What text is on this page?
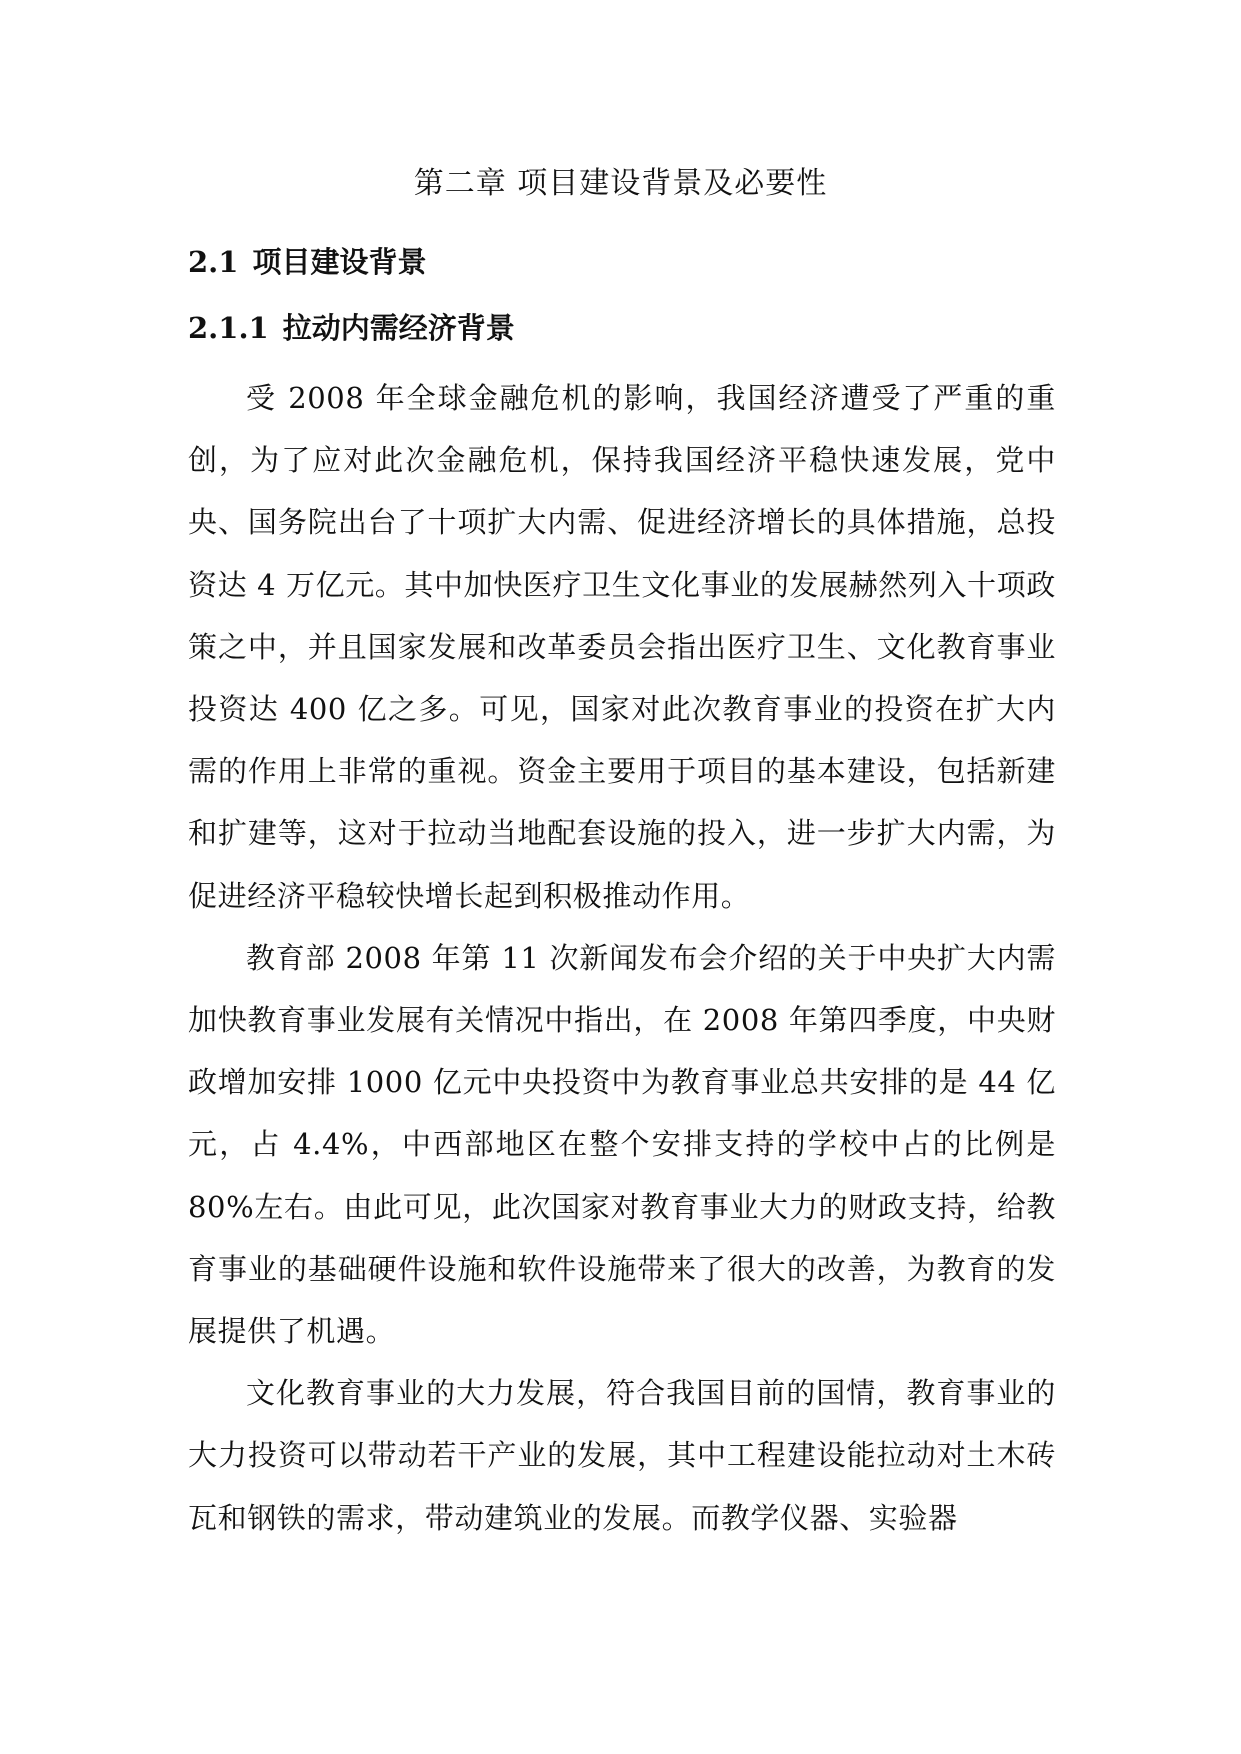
第二章 项目建设背景及必要性
2.1 项目建设背景
2.1.1 拉动内需经济背景

受 2008 年全球金融危机的影响，我国经济遭受了严重的重创，为了应对此次金融危机，保持我国经济平稳快速发展，党中央、国务院出台了十项扩大内需、促进经济增长的具体措施，总投资达 4 万亿元。其中加快医疗卫生文化事业的发展赫然列入十项政策之中，并且国家发展和改革委员会指出医疗卫生、文化教育事业投资达 400 亿之多。可见，国家对此次教育事业的投资在扩大内需的作用上非常的重视。资金主要用于项目的基本建设，包括新建和扩建等，这对于拉动当地配套设施的投入，进一步扩大内需，为促进经济平稳较快增长起到积极推动作用。

教育部 2008 年第 11 次新闻发布会介绍的关于中央扩大内需加快教育事业发展有关情况中指出，在 2008 年第四季度，中央财政增加安排 1000 亿元中央投资中为教育事业总共安排的是 44 亿元，占 4.4%，中西部地区在整个安排支持的学校中占的比例是 80%左右。由此可见，此次国家对教育事业大力的财政支持，给教育事业的基础硬件设施和软件设施带来了很大的改善，为教育的发展提供了机遇。

文化教育事业的大力发展，符合我国目前的国情，教育事业的大力投资可以带动若干产业的发展，其中工程建设能拉动对土木砖瓦和钢铁的需求，带动建筑业的发展。而教学仪器、实验器
